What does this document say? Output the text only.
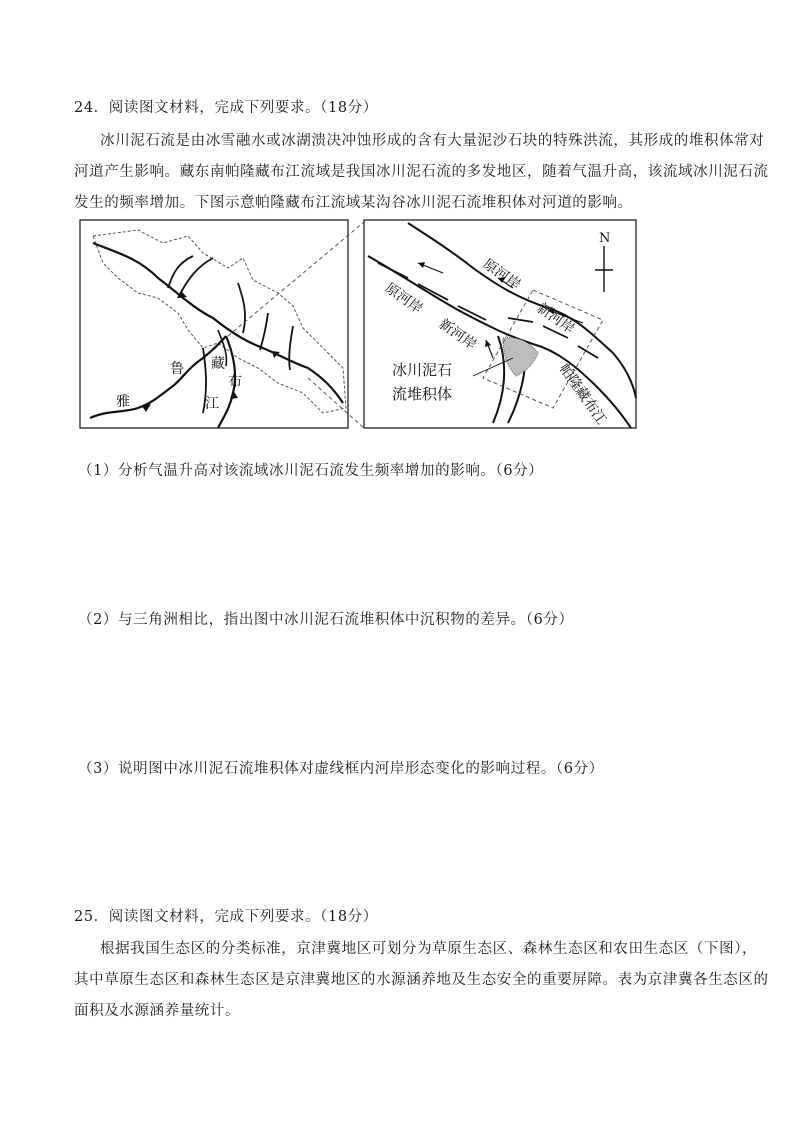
24．阅读图文材料，完成下列要求。（18分）
冰川泥石流是由冰雪融水或冰湖溃决冲蚀形成的含有大量泥沙石块的特殊洪流，其形成的堆积体常对
河道产生影响。藏东南帕隆藏布江流域是我国冰川泥石流的多发地区，随着气温升高，该流域冰川泥石流
发生的频率增加。下图示意帕隆藏布江流域某沟谷冰川泥石流堆积体对河道的影响。
雅
鲁 藏
布
江
N
原河岸
原河岸
新河岸
新河岸
冰川泥石
流堆积体	帕隆藏布江
（1）分析气温升高对该流域冰川泥石流发生频率增加的影响。（6分）
（2）与三角洲相比，指出图中冰川泥石流堆积体中沉积物的差异。（6分）
（3）说明图中冰川泥石流堆积体对虚线框内河岸形态变化的影响过程。（6分）
25．阅读图文材料，完成下列要求。（18分）
根据我国生态区的分类标准，京津冀地区可划分为草原生态区、森林生态区和农田生态区（下图），
其中草原生态区和森林生态区是京津冀地区的水源涵养地及生态安全的重要屏障。表为京津冀各生态区的
面积及水源涵养量统计。
